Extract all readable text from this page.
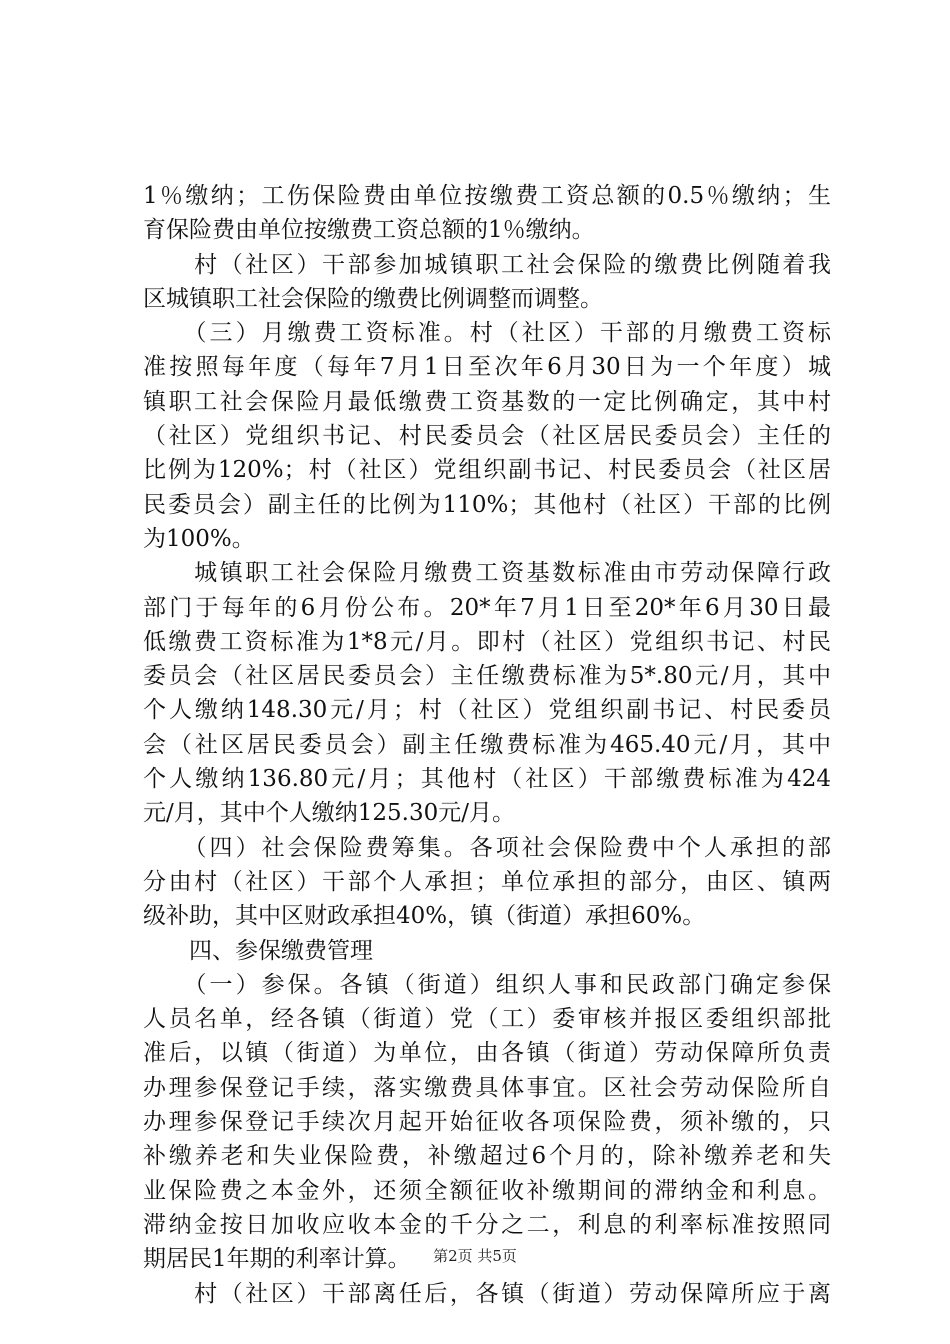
1％缴纳；工伤保险费由单位按缴费工资总额的0.5％缴纳；生
育保险费由单位按缴费工资总额的1％缴纳。
　　村（社区）干部参加城镇职工社会保险的缴费比例随着我
区城镇职工社会保险的缴费比例调整而调整。
　　（三）月缴费工资标准。村（社区）干部的月缴费工资标
准按照每年度（每年7月1日至次年6月30日为一个年度）城
镇职工社会保险月最低缴费工资基数的一定比例确定，其中村
（社区）党组织书记、村民委员会（社区居民委员会）主任的
比例为120%；村（社区）党组织副书记、村民委员会（社区居
民委员会）副主任的比例为110%；其他村（社区）干部的比例
为100%。
　　城镇职工社会保险月缴费工资基数标准由市劳动保障行政
部门于每年的6月份公布。20*年7月1日至20*年6月30日最
低缴费工资标准为1*8元/月。即村（社区）党组织书记、村民
委员会（社区居民委员会）主任缴费标准为5*.80元/月，其中
个人缴纳148.30元/月；村（社区）党组织副书记、村民委员
会（社区居民委员会）副主任缴费标准为465.40元/月，其中
个人缴纳136.80元/月；其他村（社区）干部缴费标准为424
元/月，其中个人缴纳125.30元/月。
　　（四）社会保险费筹集。各项社会保险费中个人承担的部
分由村（社区）干部个人承担；单位承担的部分，由区、镇两
级补助，其中区财政承担40%，镇（街道）承担60%。
　　四、参保缴费管理
　　（一）参保。各镇（街道）组织人事和民政部门确定参保
人员名单，经各镇（街道）党（工）委审核并报区委组织部批
准后，以镇（街道）为单位，由各镇（街道）劳动保障所负责
办理参保登记手续，落实缴费具体事宜。区社会劳动保险所自
办理参保登记手续次月起开始征收各项保险费，须补缴的，只
补缴养老和失业保险费，补缴超过6个月的，除补缴养老和失
业保险费之本金外，还须全额征收补缴期间的滞纳金和利息。
滞纳金按日加收应收本金的千分之二，利息的利率标准按照同
期居民1年期的利率计算。
　　村（社区）干部离任后，各镇（街道）劳动保障所应于离
第2页 共5页
